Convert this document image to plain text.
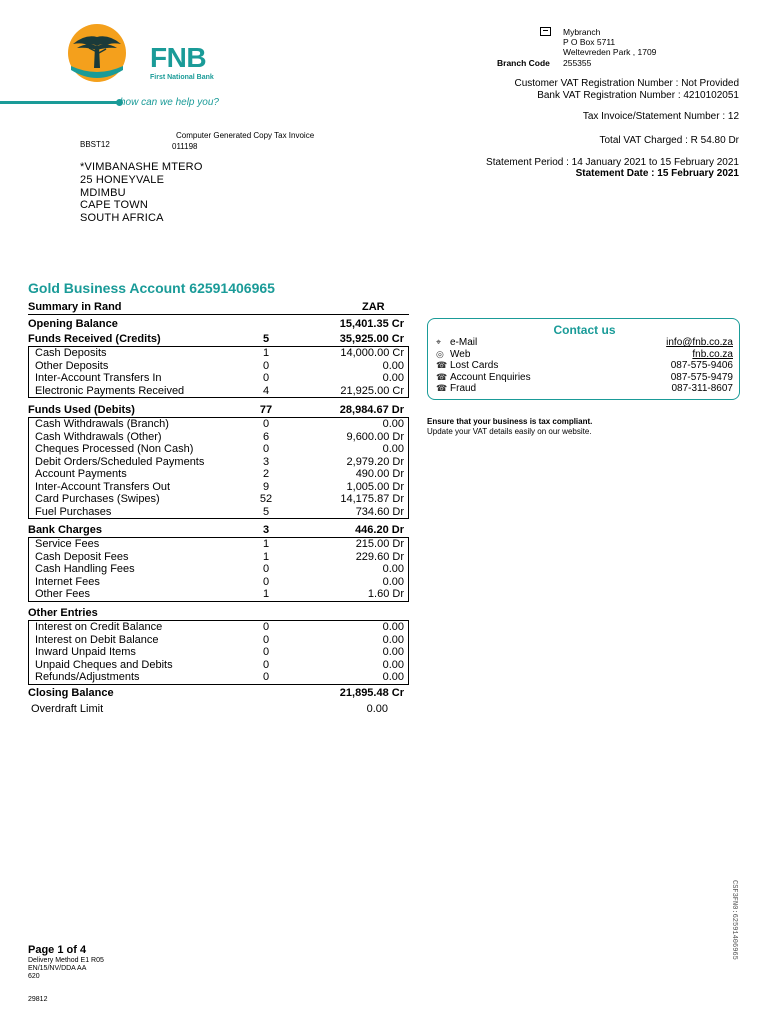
FNB
First National Bank
how can we help you?
Mybranch
P O Box 5711
Weltevreden Park , 1709
Branch Code 255355
Customer VAT Registration Number : Not Provided
Bank VAT Registration Number : 4210102051
Tax Invoice/Statement Number : 12
Total VAT Charged : R 54.80 Dr
Statement Period : 14 January 2021 to 15 February 2021
Statement Date : 15 February 2021
Computer Generated Copy Tax Invoice
BBST12	011198
*VIMBANASHE MTERO
25 HONEYVALE
MDIMBU
CAPE TOWN
SOUTH AFRICA
Gold Business Account 62591406965
Summary in Rand	ZAR
Opening Balance	15,401.35 Cr
Funds Received (Credits)	5	35,925.00 Cr
Cash Deposits	1	14,000.00 Cr
Other Deposits	0	0.00
Inter-Account Transfers In	0	0.00
Electronic Payments Received	4	21,925.00 Cr
Funds Used (Debits)	77	28,984.67 Dr
Cash Withdrawals (Branch)	0	0.00
Cash Withdrawals (Other)	6	9,600.00 Dr
Cheques Processed (Non Cash)	0	0.00
Debit Orders/Scheduled Payments	3	2,979.20 Dr
Account Payments	2	490.00 Dr
Inter-Account Transfers Out	9	1,005.00 Dr
Card Purchases (Swipes)	52	14,175.87 Dr
Fuel Purchases	5	734.60 Dr
Bank Charges	3	446.20 Dr
Service Fees	1	215.00 Dr
Cash Deposit Fees	1	229.60 Dr
Cash Handling Fees	0	0.00
Internet Fees	0	0.00
Other Fees	1	1.60 Dr
Other Entries
Interest on Credit Balance	0	0.00
Interest on Debit Balance	0	0.00
Inward Unpaid Items	0	0.00
Unpaid Cheques and Debits	0	0.00
Refunds/Adjustments	0	0.00
Closing Balance	21,895.48 Cr
Overdraft Limit	0.00
Contact us
⌖ e-Mail	info@fnb.co.za
◎ Web	fnb.co.za
☎ Lost Cards	087-575-9406
☎ Account Enquiries	087-575-9479
☎ Fraud	087-311-8607
Ensure that your business is tax compliant.
Update your VAT details easily on our website.
Page 1 of 4
Delivery Method E1 R05
EN/15/NV/DDA AA
620
29812
CSF3FN0:62591406965
